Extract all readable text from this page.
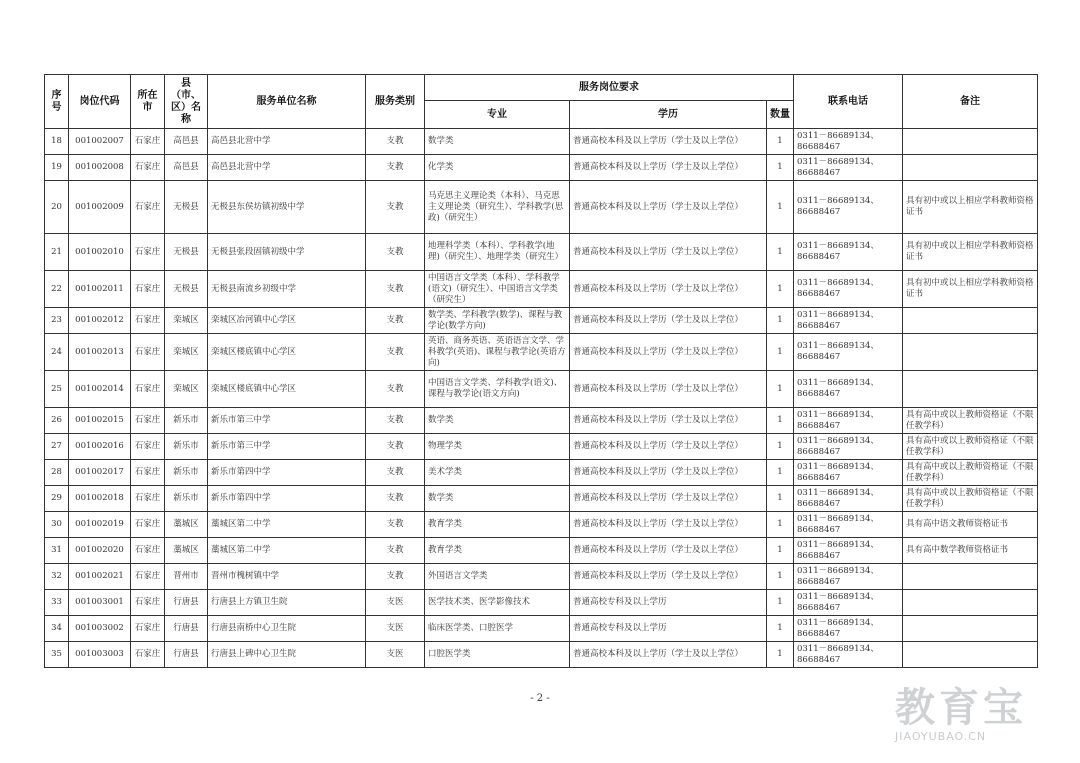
序号	岗位代码	所在市	县（市、区）名称	服务单位名称	服务类别	服务岗位要求			联系电话	备注
						专业	学历	数量		
18	001002007	石家庄	高邑县	高邑县北营中学	支教	数学类	普通高校本科及以上学历（学士及以上学位）	1	0311－86689134、86688467	
19	001002008	石家庄	高邑县	高邑县北营中学	支教	化学类	普通高校本科及以上学历（学士及以上学位）	1	0311－86689134、86688467	
20	001002009	石家庄	无极县	无极县东侯坊镇初级中学	支教	马克思主义理论类（本科）、马克思主义理论类（研究生）、学科教学(思政)（研究生）	普通高校本科及以上学历（学士及以上学位）	1	0311－86689134、86688467	具有初中或以上相应学科教师资格证书
21	001002010	石家庄	无极县	无极县张段固镇初级中学	支教	地理科学类（本科）、学科教学(地理)（研究生）、地理学类（研究生）	普通高校本科及以上学历（学士及以上学位）	1	0311－86689134、86688467	具有初中或以上相应学科教师资格证书
22	001002011	石家庄	无极县	无极县南流乡初级中学	支教	中国语言文学类（本科）、学科教学(语文)（研究生）、中国语言文学类（研究生）	普通高校本科及以上学历（学士及以上学位）	1	0311－86689134、86688467	具有初中或以上相应学科教师资格证书
23	001002012	石家庄	栾城区	栾城区冶河镇中心学区	支教	数学类、学科教学(数学)、课程与教学论(数学方向)	普通高校本科及以上学历（学士及以上学位）	1	0311－86689134、86688467	
24	001002013	石家庄	栾城区	栾城区楼底镇中心学区	支教	英语、商务英语、英语语言文学、学科教学(英语)、课程与教学论(英语方向)	普通高校本科及以上学历（学士及以上学位）	1	0311－86689134、86688467	
25	001002014	石家庄	栾城区	栾城区楼底镇中心学区	支教	中国语言文学类、学科教学(语文)、课程与教学论(语文方向)	普通高校本科及以上学历（学士及以上学位）	1	0311－86689134、86688467	
26	001002015	石家庄	新乐市	新乐市第三中学	支教	数学类	普通高校本科及以上学历（学士及以上学位）	1	0311－86689134、86688467	具有高中或以上教师资格证（不限任教学科）
27	001002016	石家庄	新乐市	新乐市第三中学	支教	物理学类	普通高校本科及以上学历（学士及以上学位）	1	0311－86689134、86688467	具有高中或以上教师资格证（不限任教学科）
28	001002017	石家庄	新乐市	新乐市第四中学	支教	美术学类	普通高校本科及以上学历（学士及以上学位）	1	0311－86689134、86688467	具有高中或以上教师资格证（不限任教学科）
29	001002018	石家庄	新乐市	新乐市第四中学	支教	数学类	普通高校本科及以上学历（学士及以上学位）	1	0311－86689134、86688467	具有高中或以上教师资格证（不限任教学科）
30	001002019	石家庄	藁城区	藁城区第二中学	支教	教育学类	普通高校本科及以上学历（学士及以上学位）	1	0311－86689134、86688467	具有高中语文教师资格证书
31	001002020	石家庄	藁城区	藁城区第二中学	支教	教育学类	普通高校本科及以上学历（学士及以上学位）	1	0311－86689134、86688467	具有高中数学教师资格证书
32	001002021	石家庄	晋州市	晋州市槐树镇中学	支教	外国语言文学类	普通高校本科及以上学历（学士及以上学位）	1	0311－86689134、86688467	
33	001003001	石家庄	行唐县	行唐县上方镇卫生院	支医	医学技术类、医学影像技术	普通高校专科及以上学历	1	0311－86689134、86688467	
34	001003002	石家庄	行唐县	行唐县南桥中心卫生院	支医	临床医学类、口腔医学	普通高校专科及以上学历	1	0311－86689134、86688467	
35	001003003	石家庄	行唐县	行唐县上碑中心卫生院	支医	口腔医学类	普通高校本科及以上学历（学士及以上学位）	1	0311－86689134、86688467	
- 2 -	教育宝
JIAOYUBAO.CN
